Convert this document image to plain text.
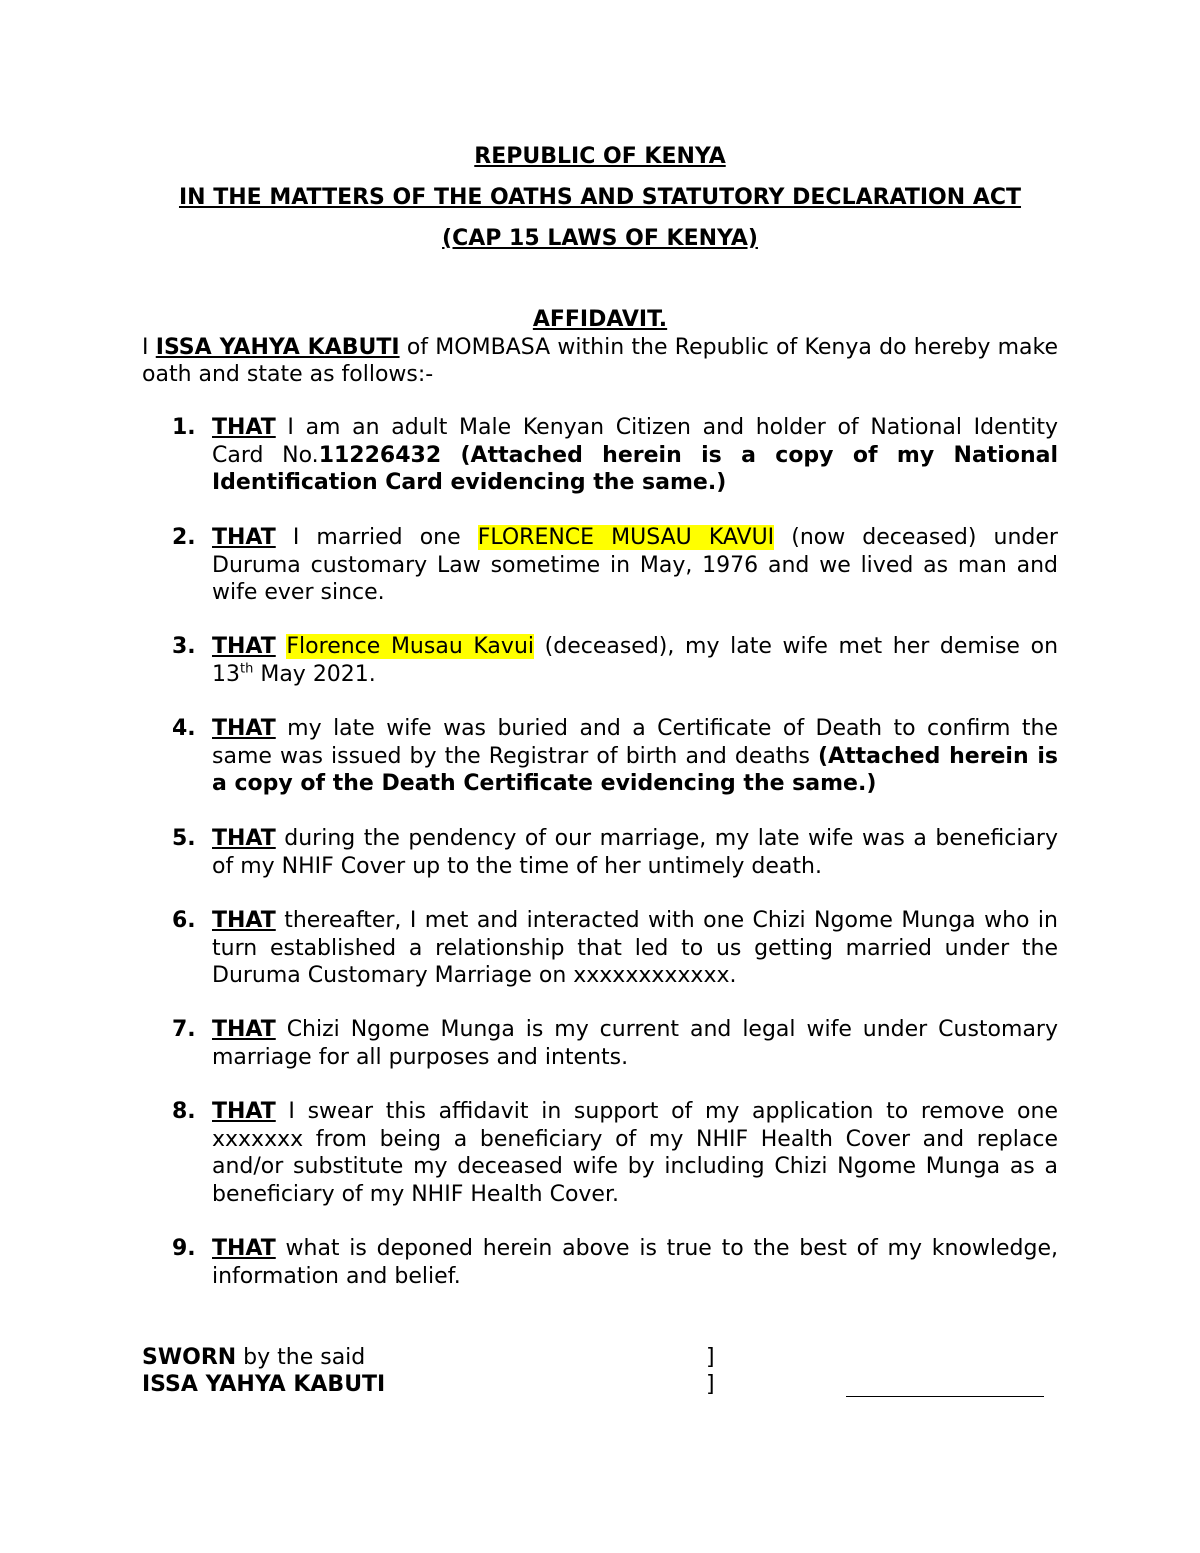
REPUBLIC OF KENYA
IN THE MATTERS OF THE OATHS AND STATUTORY DECLARATION ACT
(CAP 15 LAWS OF KENYA)
AFFIDAVIT.
I ISSA YAHYA KABUTI of MOMBASA within the Republic of Kenya do hereby make oath and state as follows:-
1. THAT I am an adult Male Kenyan Citizen and holder of National Identity Card No.11226432 (Attached herein is a copy of my National Identification Card evidencing the same.)
2. THAT I married one FLORENCE MUSAU KAVUI (now deceased) under Duruma customary Law sometime in May, 1976 and we lived as man and wife ever since.
3. THAT Florence Musau Kavui (deceased), my late wife met her demise on 13th May 2021.
4. THAT my late wife was buried and a Certificate of Death to confirm the same was issued by the Registrar of birth and deaths (Attached herein is a copy of the Death Certificate evidencing the same.)
5. THAT during the pendency of our marriage, my late wife was a beneficiary of my NHIF Cover up to the time of her untimely death.
6. THAT thereafter, I met and interacted with one Chizi Ngome Munga who in turn established a relationship that led to us getting married under the Duruma Customary Marriage on xxxxxxxxxxxx.
7. THAT Chizi Ngome Munga is my current and legal wife under Customary marriage for all purposes and intents.
8. THAT I swear this affidavit in support of my application to remove one xxxxxxx from being a beneficiary of my NHIF Health Cover and replace and/or substitute my deceased wife by including Chizi Ngome Munga as a beneficiary of my NHIF Health Cover.
9. THAT what is deponed herein above is true to the best of my knowledge, information and belief.
SWORN by the said	]
ISSA YAHYA KABUTI	]
